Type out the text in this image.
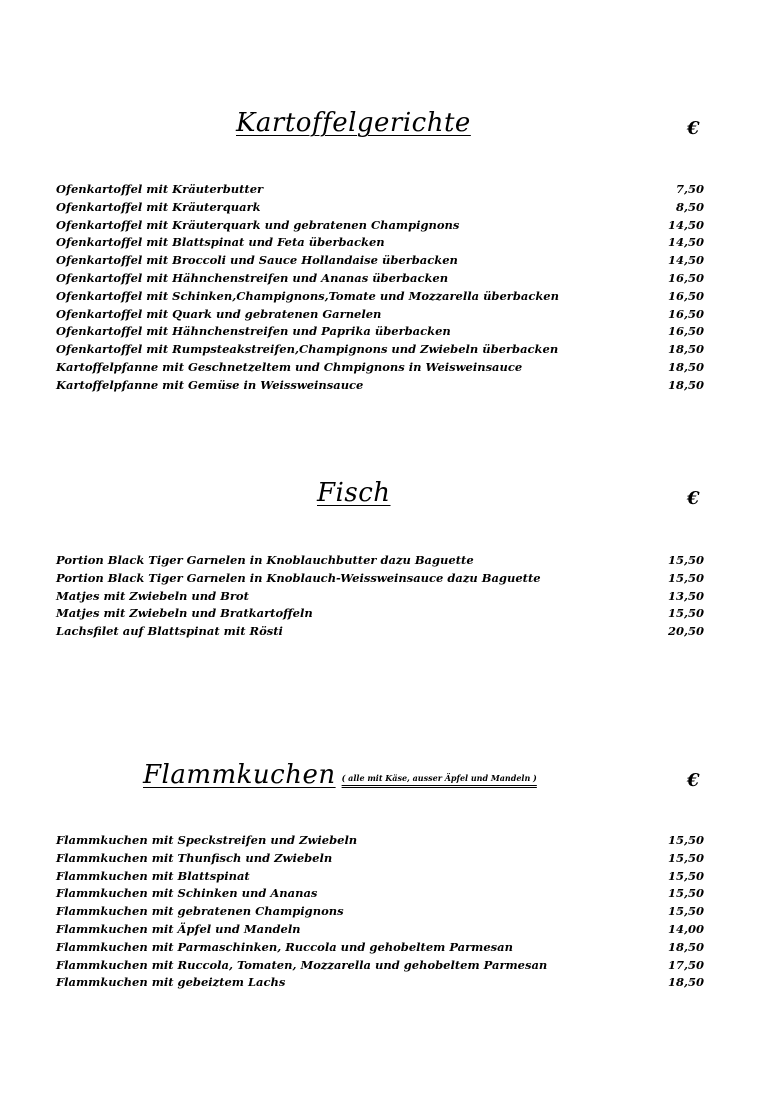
Kartoffelgerichte	€
Ofenkartoffel mit Kräuterbutter	7,50
Ofenkartoffel mit Kräuterquark	8,50
Ofenkartoffel mit Kräuterquark und gebratenen Champignons	14,50
Ofenkartoffel mit Blattspinat und Feta überbacken	14,50
Ofenkartoffel mit Broccoli und Sauce Hollandaise überbacken	14,50
Ofenkartoffel mit Hähnchenstreifen und Ananas überbacken	16,50
Ofenkartoffel mit Schinken,Champignons,Tomate und Mozzarella überbacken	16,50
Ofenkartoffel mit Quark und gebratenen Garnelen	16,50
Ofenkartoffel mit Hähnchenstreifen und Paprika überbacken	16,50
Ofenkartoffel mit Rumpsteakstreifen,Champignons und Zwiebeln überbacken	18,50
Kartoffelpfanne mit Geschnetzeltem und Chmpignons in Weisweinsauce	18,50
Kartoffelpfanne mit Gemüse in Weissweinsauce	18,50
Fisch	€
Portion Black Tiger Garnelen in Knoblauchbutter dazu Baguette	15,50
Portion Black Tiger Garnelen in Knoblauch-Weissweinsauce dazu Baguette	15,50
Matjes mit Zwiebeln und Brot	13,50
Matjes mit Zwiebeln und Bratkartoffeln	15,50
Lachsfilet auf Blattspinat mit Rösti	20,50
Flammkuchen ( alle mit Käse, ausser Äpfel und Mandeln )	€
Flammkuchen mit Speckstreifen und Zwiebeln	15,50
Flammkuchen mit Thunfisch und Zwiebeln	15,50
Flammkuchen mit Blattspinat	15,50
Flammkuchen mit Schinken und Ananas	15,50
Flammkuchen mit gebratenen Champignons	15,50
Flammkuchen mit Äpfel und Mandeln	14,00
Flammkuchen mit Parmaschinken, Ruccola und gehobeltem Parmesan	18,50
Flammkuchen mit Ruccola, Tomaten, Mozzarella und gehobeltem Parmesan	17,50
Flammkuchen mit gebeiztem Lachs	18,50
